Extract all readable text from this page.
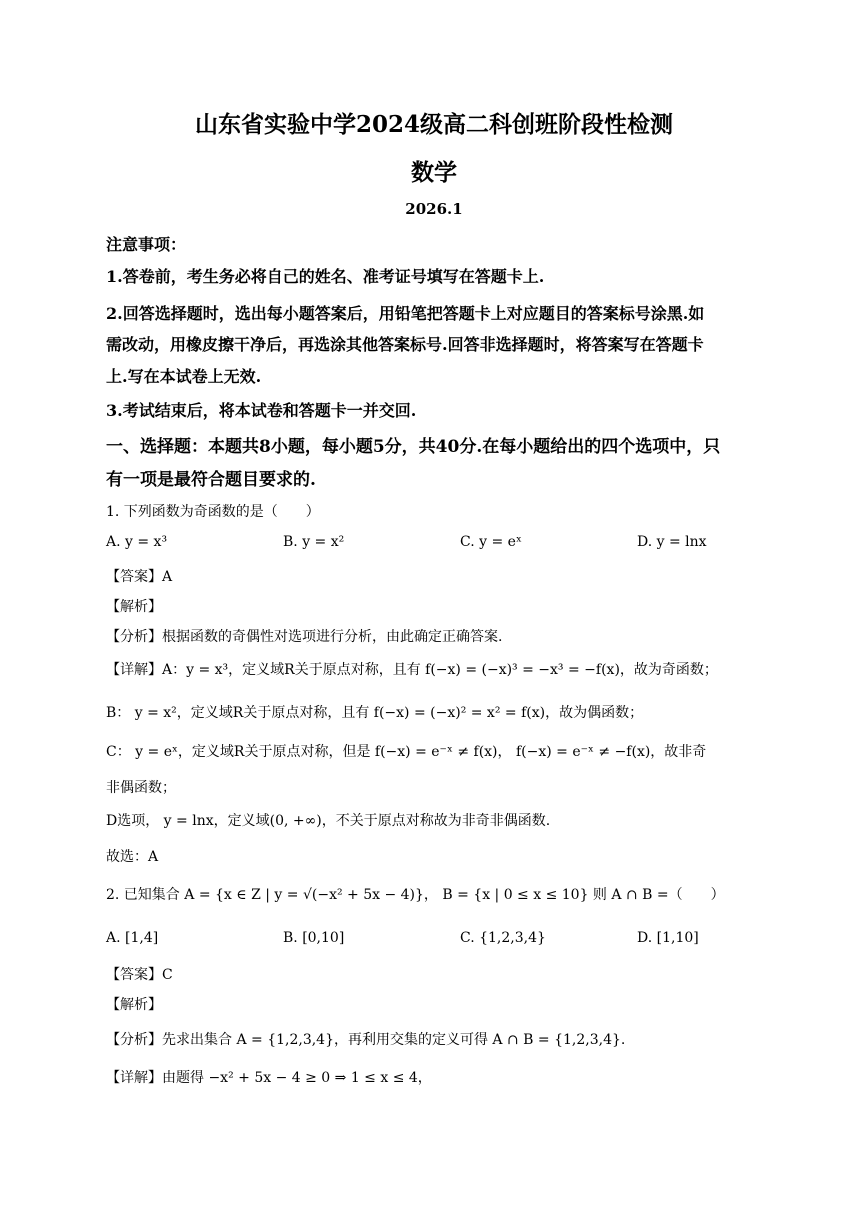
山东省实验中学2024级高二科创班阶段性检测
数学
2026.1
注意事项：
1.答卷前，考生务必将自己的姓名、准考证号填写在答题卡上.
2.回答选择题时，选出每小题答案后，用铅笔把答题卡上对应题目的答案标号涂黑.如
需改动，用橡皮擦干净后，再选涂其他答案标号.回答非选择题时，将答案写在答题卡
上.写在本试卷上无效.
3.考试结束后，将本试卷和答题卡一并交回.
一、选择题：本题共8小题，每小题5分，共40分.在每小题给出的四个选项中，只
有一项是最符合题目要求的.
1. 下列函数为奇函数的是（　　）
A. y = x³	B. y = x²	C. y = eˣ	D. y = lnx
【答案】A
【解析】
【分析】根据函数的奇偶性对选项进行分析，由此确定正确答案.
【详解】A：y = x³，定义域R关于原点对称，且有 f(−x) = (−x)³ = −x³ = −f(x)，故为奇函数；
B： y = x²，定义域R关于原点对称，且有 f(−x) = (−x)² = x² = f(x)，故为偶函数；
C： y = eˣ，定义域R关于原点对称，但是 f(−x) = e⁻ˣ ≠ f(x)， f(−x) = e⁻ˣ ≠ −f(x)，故非奇
非偶函数；
D选项， y = lnx，定义域(0, +∞)，不关于原点对称故为非奇非偶函数.
故选：A
2. 已知集合 A = {x ∈ Z | y = √(−x² + 5x − 4)}， B = {x | 0 ≤ x ≤ 10} 则 A ∩ B =（　　）
A. [1,4]	B. [0,10]	C. {1,2,3,4}	D. [1,10]
【答案】C
【解析】
【分析】先求出集合 A = {1,2,3,4}，再利用交集的定义可得 A ∩ B = {1,2,3,4}.
【详解】由题得 −x² + 5x − 4 ≥ 0 ⇒ 1 ≤ x ≤ 4，
